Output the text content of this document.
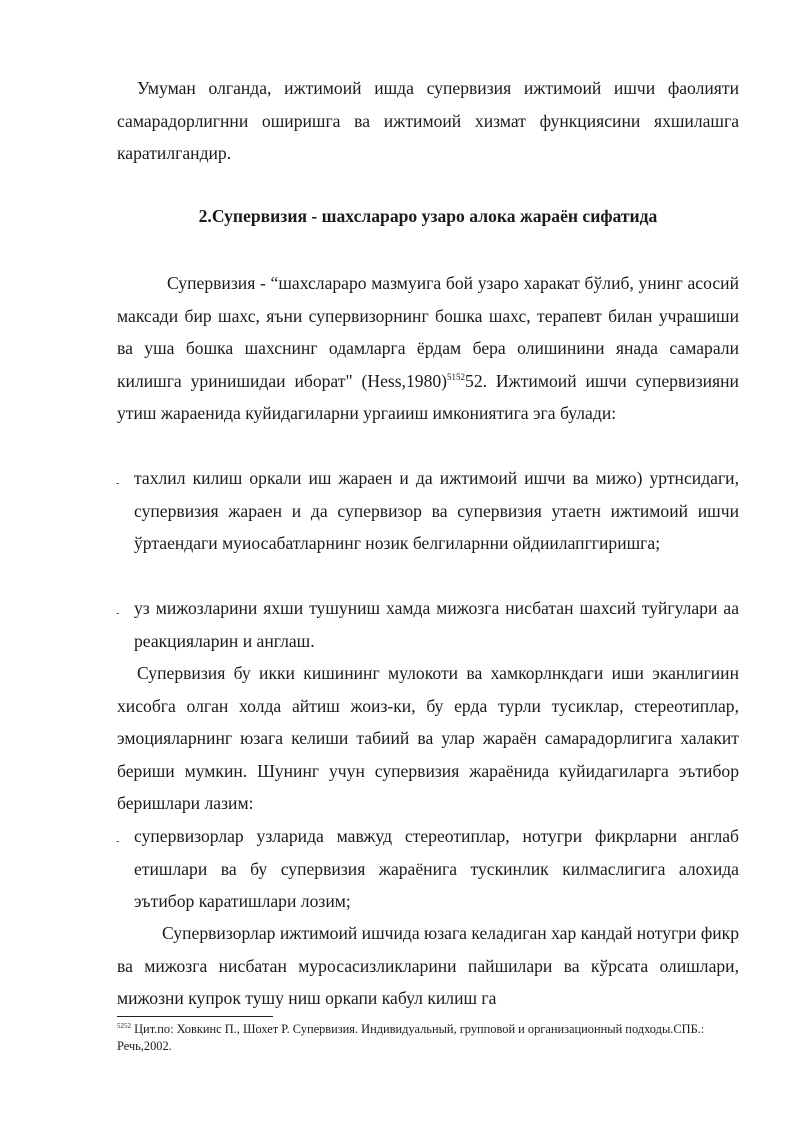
Умуман олганда, ижтимоий ишда супервизия ижтимоий ишчи фаолияти самарадорлигнни оширишга ва ижтимоий хизмат функциясини яхшилашга каратилгандир.

2.Супервизия - шахслараро узаро алока жараён сифатида

Супервизия - “шахслараро мазмуига бой узаро харакат бўлиб, унинг асосий максади бир шахс, яъни супервизорнинг бошка шахс, терапевт билан учрашиши ва уша бошка шахснинг одамларга ёрдам бера олишинини янада самарали килишга уринишидаи иборат" (Hess,1980)$^{5152}$52. Ижтимоий ишчи супервизияни утиш жараенида куйидагиларни ургаииш имкониятига эга булади:

- тахлил килиш оркали иш жараен и да ижтимоий ишчи ва мижо) уртнсидаги, супервизия жараен и да супервизор ва супервизия утаетн ижтимоий ишчи ўртаендаги муиосабатларнинг нозик белгиларнни ойдиилапггиришга;

- уз мижозларини яхши тушуниш хамда мижозга нисбатан шахсий туйгулари аа реакцияларин и англаш.

Супервизия бу икки кишининг мулокоти ва хамкорлнкдаги иши эканлигиин хисобга олган холда айтиш жоиз-ки, бу ерда турли тусиклар, стереотиплар, эмоцияларнинг юзага келиши табиий ва улар жараён самарадорлигига халакит бериши мумкин. Шунинг учун супервизия жараёнида куйидагиларга эътибор беришлари лазим:

- супервизорлар узларида мавжуд стереотиплар, нотугри фикрларни англаб етишлари ва бу супервизия жараёнига тускинлик килмаслигига алохида эътибор каратишлари лозим;

Супервизорлар ижтимоий ишчида юзага келадиган хар кандай нотугри фикр ва мижозга нисбатан муросасизликларини пайшилари ва кўрсата олишлари, мижозни купрок тушу ниш оркапи кабул килиш га

$^{5252}$ Цит.по: Ховкинс П., Шохет Р. Супервизия. Индивидуальный, групповой и организационный подходы.СПБ.: Речь,2002.
